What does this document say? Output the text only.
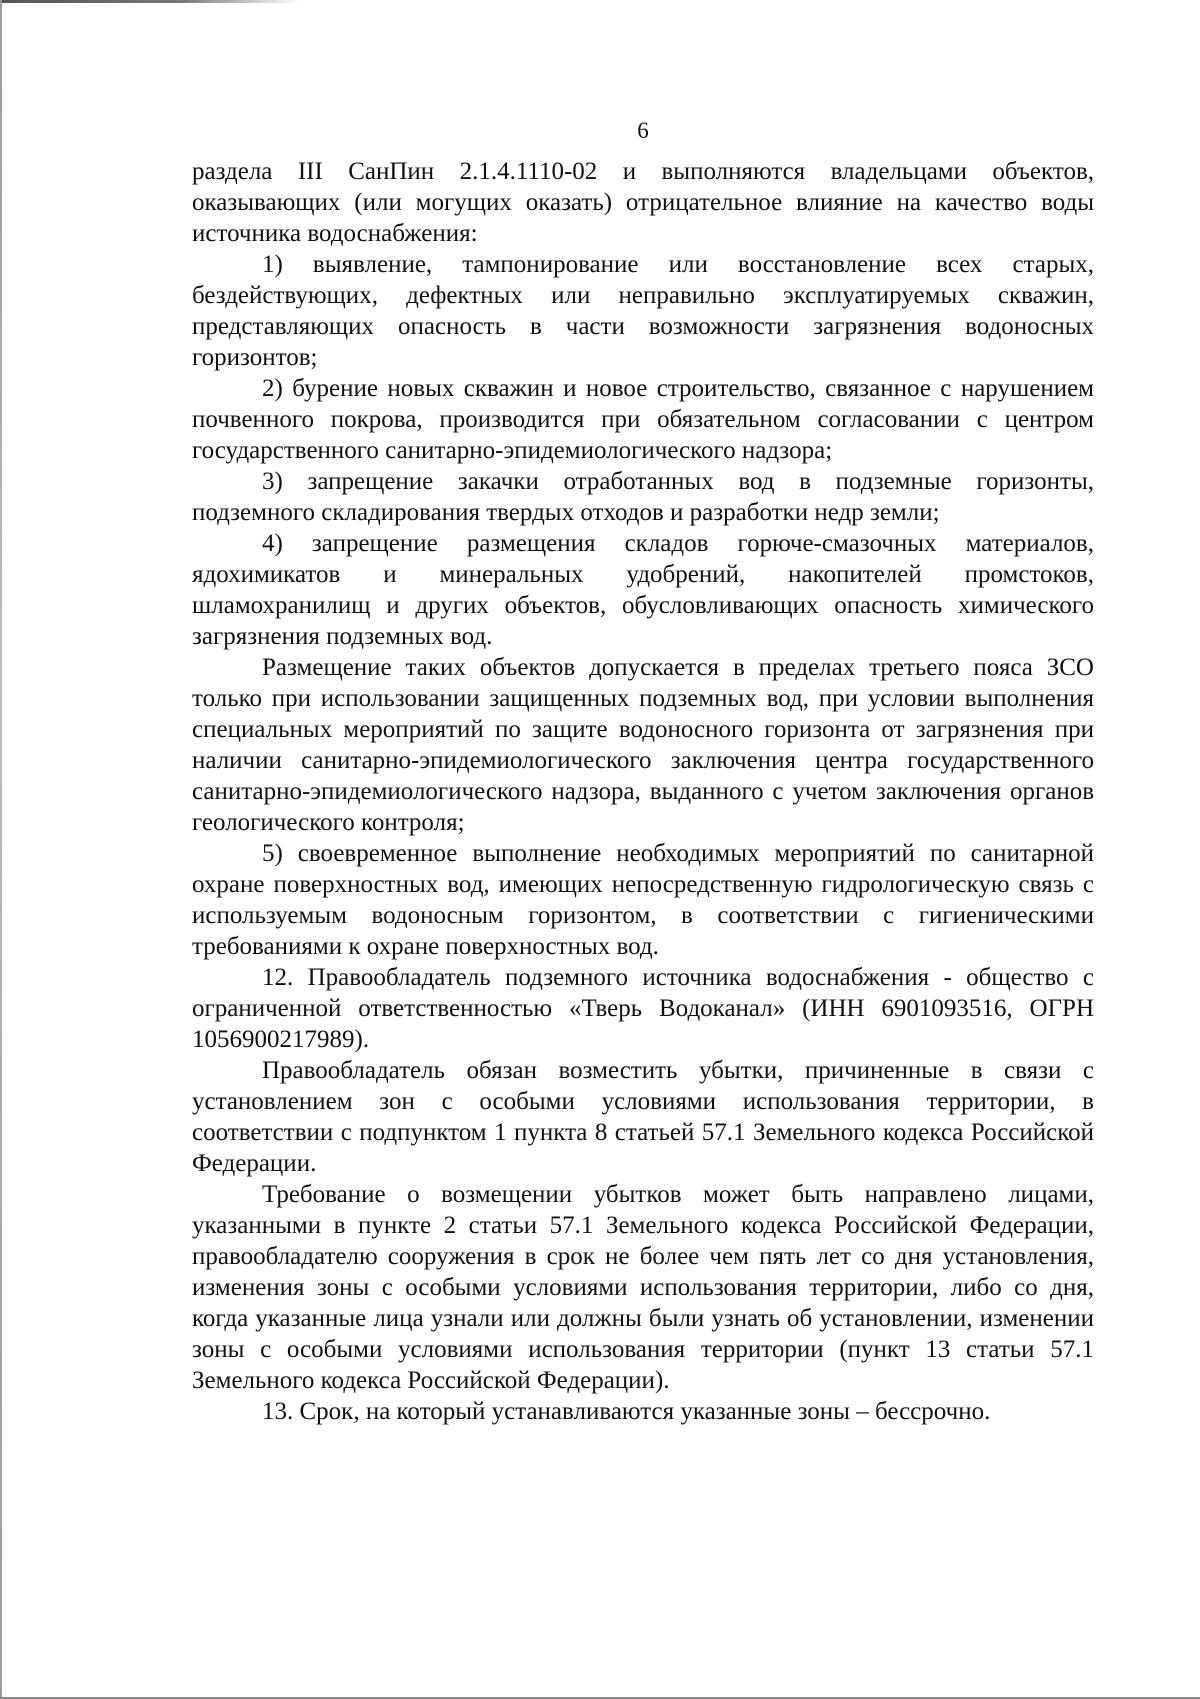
6

раздела III СанПин 2.1.4.1110-02 и выполняются владельцами объектов, оказывающих (или могущих оказать) отрицательное влияние на качество воды источника водоснабжения:

1) выявление, тампонирование или восстановление всех старых, бездействующих, дефектных или неправильно эксплуатируемых скважин, представляющих опасность в части возможности загрязнения водоносных горизонтов;

2) бурение новых скважин и новое строительство, связанное с нарушением почвенного покрова, производится при обязательном согласовании с центром государственного санитарно-эпидемиологического надзора;

3) запрещение закачки отработанных вод в подземные горизонты, подземного складирования твердых отходов и разработки недр земли;

4) запрещение размещения складов горюче-смазочных материалов, ядохимикатов и минеральных удобрений, накопителей промстоков, шламохранилищ и других объектов, обусловливающих опасность химического загрязнения подземных вод.

Размещение таких объектов допускается в пределах третьего пояса ЗСО только при использовании защищенных подземных вод, при условии выполнения специальных мероприятий по защите водоносного горизонта от загрязнения при наличии санитарно-эпидемиологического заключения центра государственного санитарно-эпидемиологического надзора, выданного с учетом заключения органов геологического контроля;

5) своевременное выполнение необходимых мероприятий по санитарной охране поверхностных вод, имеющих непосредственную гидрологическую связь с используемым водоносным горизонтом, в соответствии с гигиеническими требованиями к охране поверхностных вод.

12. Правообладатель подземного источника водоснабжения - общество с ограниченной ответственностью «Тверь Водоканал» (ИНН 6901093516, ОГРН 1056900217989).

Правообладатель обязан возместить убытки, причиненные в связи с установлением зон с особыми условиями использования территории, в соответствии с подпунктом 1 пункта 8 статьей 57.1 Земельного кодекса Российской Федерации.

Требование о возмещении убытков может быть направлено лицами, указанными в пункте 2 статьи 57.1 Земельного кодекса Российской Федерации, правообладателю сооружения в срок не более чем пять лет со дня установления, изменения зоны с особыми условиями использования территории, либо со дня, когда указанные лица узнали или должны были узнать об установлении, изменении зоны с особыми условиями использования территории (пункт 13 статьи 57.1 Земельного кодекса Российской Федерации).

13. Срок, на который устанавливаются указанные зоны – бессрочно.
